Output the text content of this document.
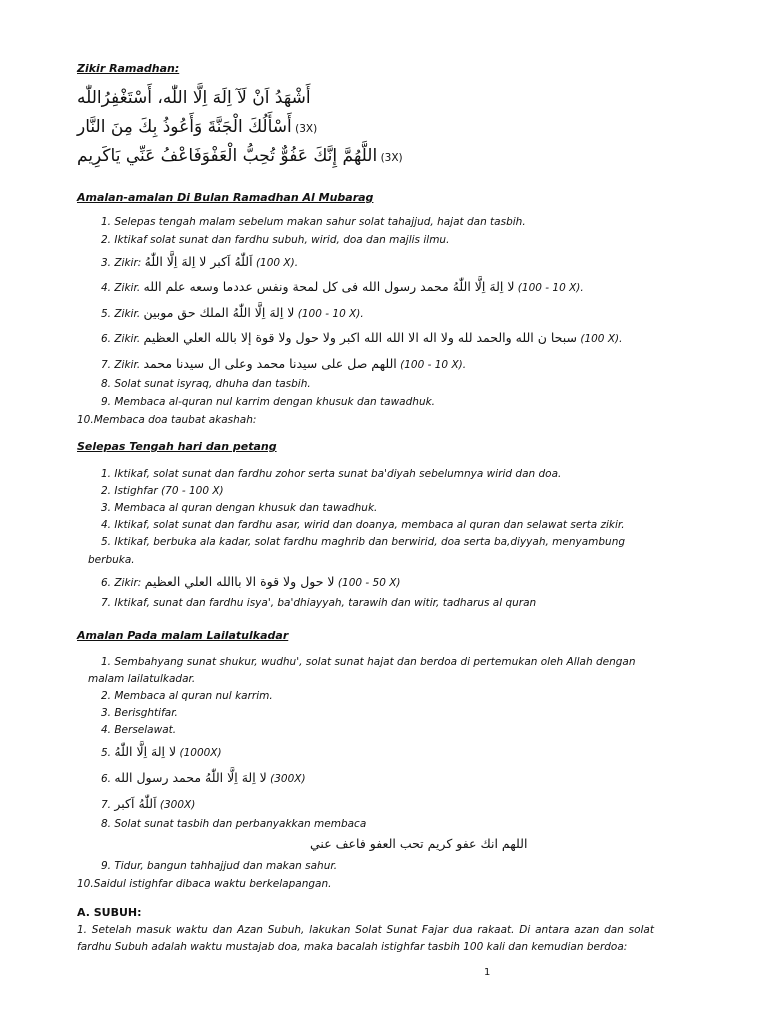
Zikir Ramadhan:
أَشْهَدُ اَنْ لَآ اِلَهَ اِلَّا اللّٰه، أَسْتَغْفِرُاللّٰه
أَسْأَلُكَ الْجَنَّةَ وَأَعُوذُ بِكَ مِنَ النَّار (3X)
اللَّهُمَّ إِنَّكَ عَفُوٌّ تُحِبُّ الْعَفْوَفَاعْفُ عَنِّي يَاكَرِيم (3X)
Amalan-amalan Di Bulan Ramadhan Al Mubarag
1. Selepas tengah malam sebelum makan sahur solat tahajjud, hajat dan tasbih.
2. Iktikaf solat sunat dan fardhu subuh, wirid, doa dan majlis ilmu.
3. Zikir: اَللّٰهُ اَكبر لا اِلهَ اِلَّا اللّٰهُ (100 X).
4. Zikir. لا اِلهَ اِلَّا اللّٰهُ محمد رسول الله فى كل لمحة ونفس عددما وسعه علم الله (100 - 10 X).
5. Zikir. لا اِلهَ اِلَّا اللّٰهُ الملك حق موبين (100 - 10 X).
6. Zikir. سبحا ن الله والحمد لله ولا اله الا الله الله اكبر ولا حول ولا قوة إلا بالله العلي العظيم (100 X).
7. Zikir. اللهم صل على سيدنا محمد وعلى ال سيدنا محمد (100 - 10 X).
8. Solat sunat isyraq, dhuha dan tasbih.
9. Membaca al-quran nul karrim dengan khusuk dan tawadhuk.
10.Membaca doa taubat akashah:
Selepas Tengah hari dan petang
1. Iktikaf, solat sunat dan fardhu zohor serta sunat ba'diyah sebelumnya wirid dan doa.
2. Istighfar (70 - 100 X)
3. Membaca al quran dengan khusuk dan tawadhuk.
4. Iktikaf, solat sunat dan fardhu asar, wirid dan doanya, membaca al quran dan selawat serta zikir.
5. Iktikaf, berbuka ala kadar, solat fardhu maghrib dan berwirid, doa serta ba,diyyah, menyambung
berbuka.
6. Zikir: لا حول ولا قوة الا باالله العلي العظيم (100 - 50 X)
7. Iktikaf, sunat dan fardhu isya', ba'dhiayyah, tarawih dan witir, tadharus al quran
Amalan Pada malam Lailatulkadar
1. Sembahyang sunat shukur, wudhu', solat sunat hajat dan berdoa di pertemukan oleh Allah dengan
malam lailatulkadar.
2. Membaca al quran nul karrim.
3. Berisghtifar.
4. Berselawat.
5. لا اِلهَ اِلَّا اللّٰهُ (1000X)
6. لا اِلهَ اِلَّا اللّٰهُ محمد رسول الله (300X)
7. اَللّٰهُ اَكبر (300X)
8. Solat sunat tasbih dan perbanyakkan membaca
اللهم انك عفو كريم تحب العفو فاعف عني
9. Tidur, bangun tahhajjud dan makan sahur.
10.Saidul istighfar dibaca waktu berkelapangan.
A. SUBUH:
1. Setelah masuk waktu dan Azan Subuh, lakukan Solat Sunat Fajar dua rakaat. Di antara azan dan solat fardhu Subuh adalah waktu mustajab doa, maka bacalah istighfar tasbih 100 kali dan kemudian berdoa:
1
